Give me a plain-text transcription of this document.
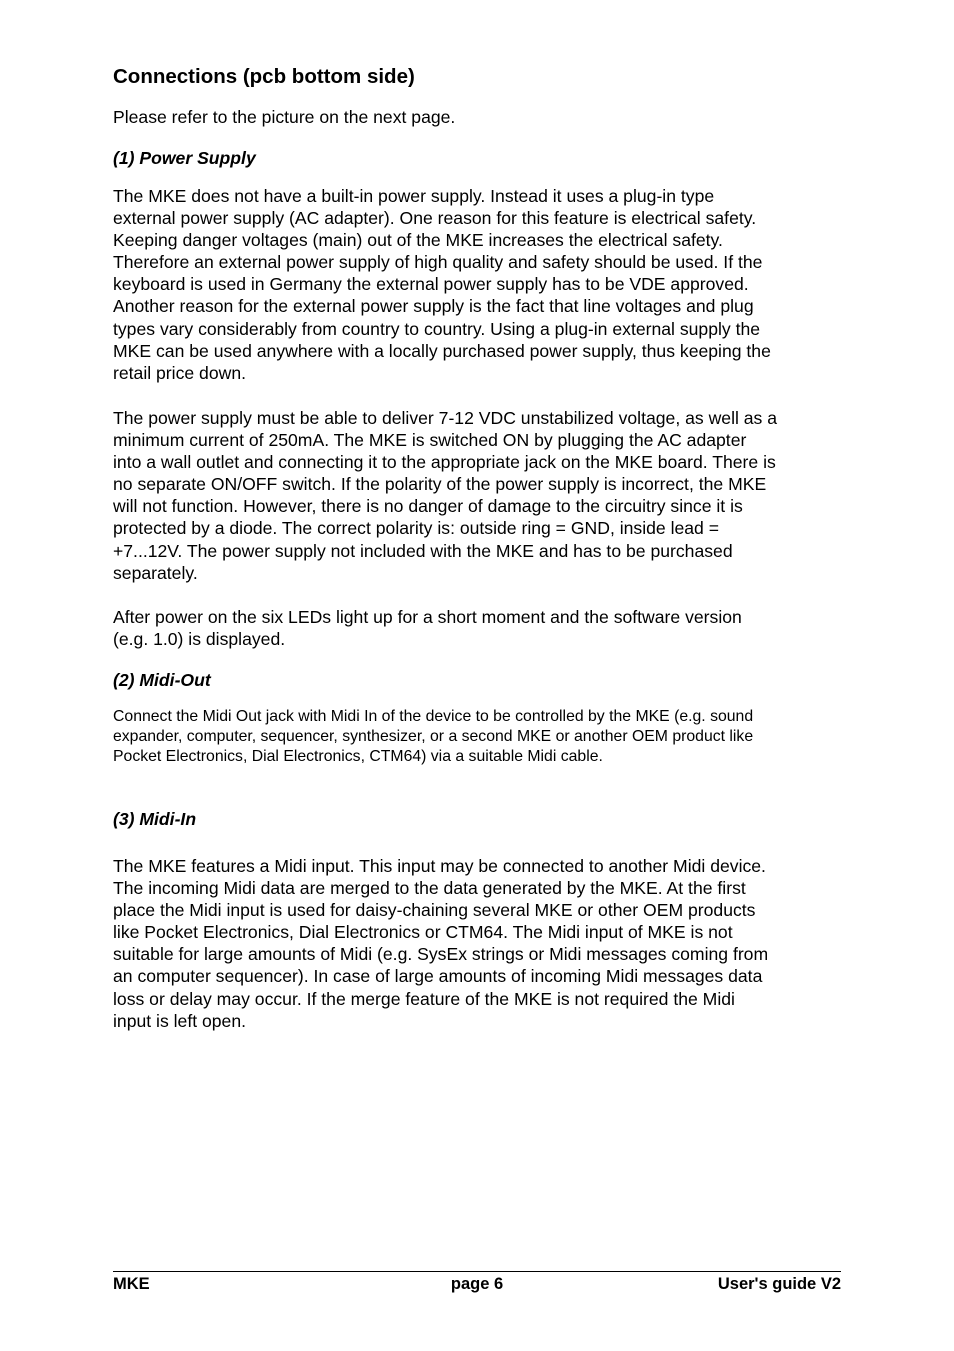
Connections (pcb bottom side)

Please refer to the picture on the next page.

(1) Power Supply

The MKE does not have a built-in power supply. Instead it uses a plug-in type
external power supply (AC adapter). One reason for this feature is electrical safety.
Keeping danger voltages (main) out of the MKE increases the electrical safety.
Therefore an external power supply of high quality and safety should be used. If the
keyboard is used in Germany the external power supply has to be VDE approved.
Another reason for the external power supply is the fact that line voltages and plug
types vary considerably from country to country. Using a plug-in external supply the
MKE can be used anywhere with a locally purchased power supply, thus keeping the
retail price down.

The power supply must be able to deliver 7-12 VDC unstabilized voltage, as well as a
minimum current of 250mA. The MKE is switched ON by plugging the AC adapter
into a wall outlet and connecting it to the appropriate jack on the MKE board. There is
no separate ON/OFF switch. If the polarity of the power supply is incorrect, the MKE
will not function. However, there is no danger of damage to the circuitry since it is
protected by a diode. The correct polarity is: outside ring = GND, inside lead =
+7...12V. The power supply not included with the MKE and has to be purchased
separately.

After power on the six LEDs light up for a short moment and the software version
(e.g. 1.0) is displayed.

(2) Midi-Out

Connect the Midi Out jack with Midi In of the device to be controlled by the MKE (e.g. sound
expander, computer, sequencer, synthesizer, or a second MKE or another OEM product like
Pocket Electronics, Dial Electronics, CTM64) via a suitable Midi cable.

(3) Midi-In

The MKE features a Midi input. This input may be connected to another Midi device.
The incoming Midi data are merged to the data generated by the MKE. At the first
place the Midi input is used for daisy-chaining several MKE or other OEM products
like Pocket Electronics, Dial Electronics or CTM64. The Midi input of MKE is not
suitable for large amounts of Midi (e.g. SysEx strings or Midi messages coming from
an computer sequencer). In case of large amounts of incoming Midi messages data
loss or delay may occur. If the merge feature of the MKE is not required the Midi
input is left open.

MKE	page 6	User's guide V2
